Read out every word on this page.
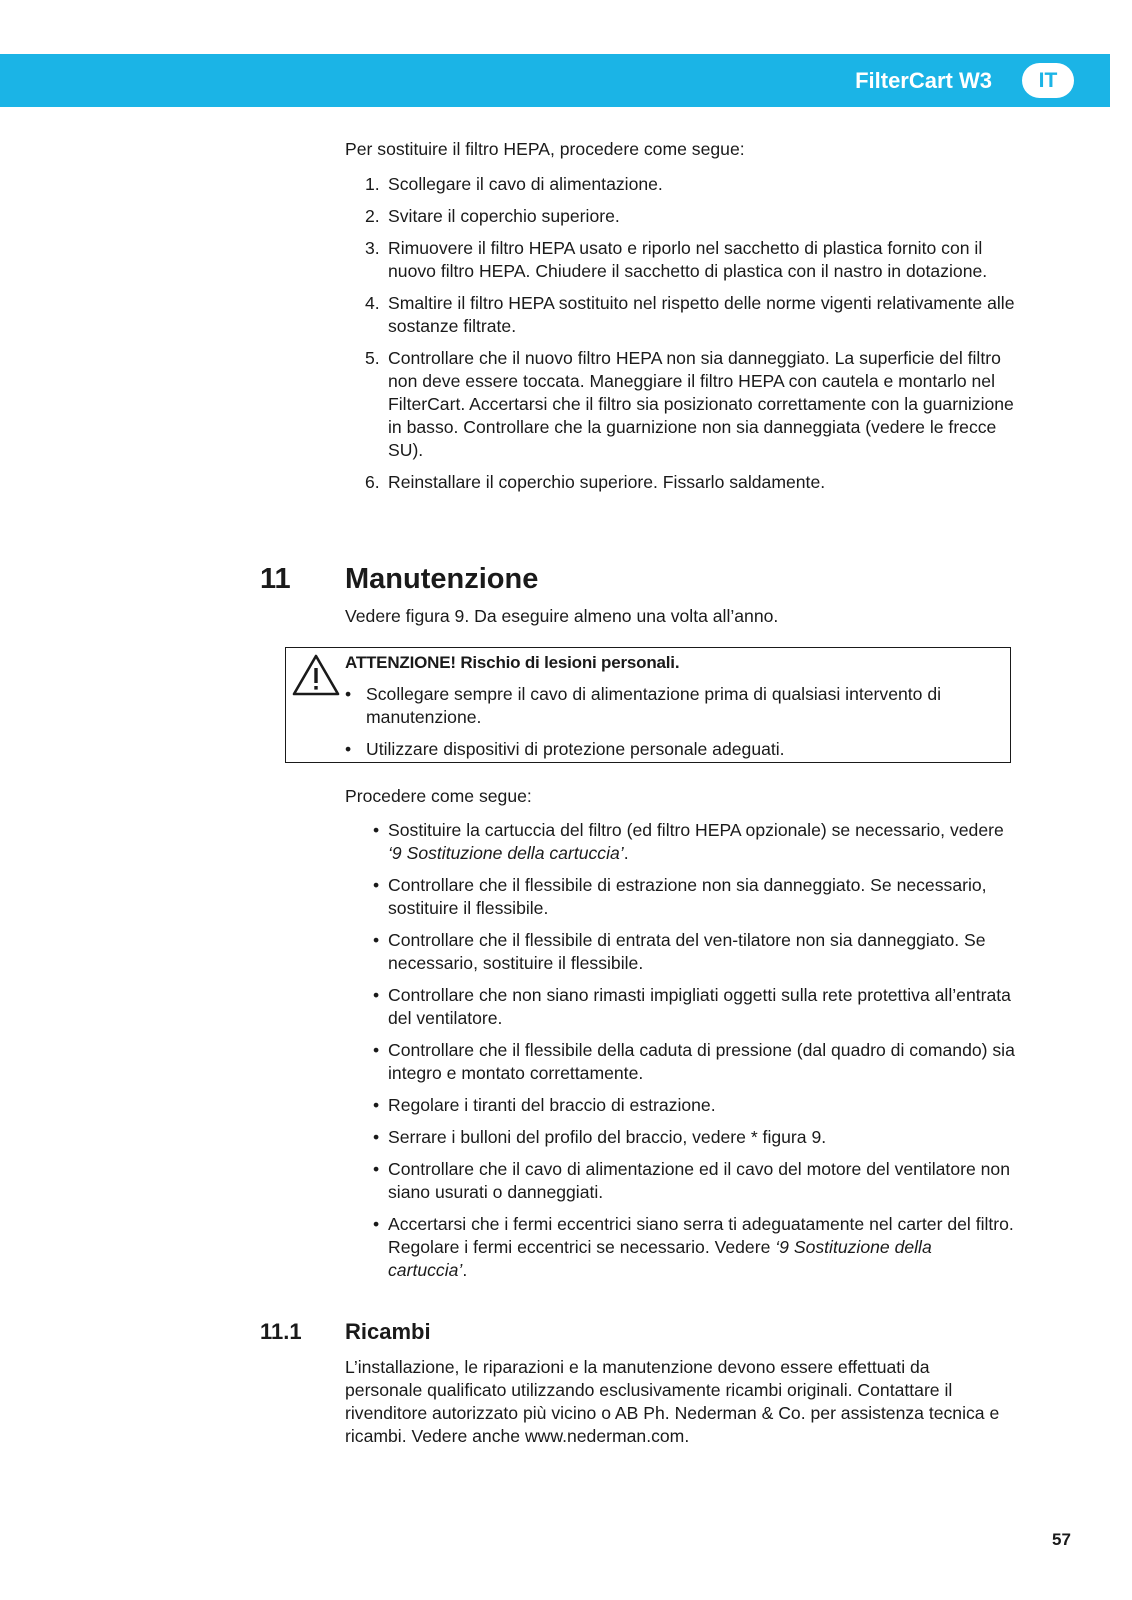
FilterCart W3	IT

Per sostituire il filtro HEPA, procedere come segue:

1. Scollegare il cavo di alimentazione.
2. Svitare il coperchio superiore.
3. Rimuovere il filtro HEPA usato e riporlo nel sacchetto di plastica fornito con il nuovo filtro HEPA. Chiudere il sacchetto di plastica con il nastro in dotazione.
4. Smaltire il filtro HEPA sostituito nel rispetto delle norme vigenti relativamente alle sostanze filtrate.
5. Controllare che il nuovo filtro HEPA non sia danneggiato. La superficie del filtro non deve essere toccata. Maneggiare il filtro HEPA con cautela e montarlo nel FilterCart. Accertarsi che il filtro sia posizionato correttamente con la guarnizione in basso. Controllare che la guarnizione non sia danneggiata (vedere le frecce SU).
6. Reinstallare il coperchio superiore. Fissarlo saldamente.
11 Manutenzione

Vedere figura 9. Da eseguire almeno una volta all’anno.

ATTENZIONE! Rischio di lesioni personali.
• Scollegare sempre il cavo di alimentazione prima di qualsiasi intervento di manutenzione.
• Utilizzare dispositivi di protezione personale adeguati.

Procedere come segue:

• Sostituire la cartuccia del filtro (ed filtro HEPA opzionale) se necessario, vedere ‘9 Sostituzione della cartuccia’.
• Controllare che il flessibile di estrazione non sia danneggiato. Se necessario, sostituire il flessibile.
• Controllare che il flessibile di entrata del ven-tilatore non sia danneggiato. Se necessario, sostituire il flessibile.
• Controllare che non siano rimasti impigliati oggetti sulla rete protettiva all’entrata del ventilatore.
• Controllare che il flessibile della caduta di pressione (dal quadro di comando) sia integro e montato correttamente.
• Regolare i tiranti del braccio di estrazione.
• Serrare i bulloni del profilo del braccio, vedere * figura 9.
• Controllare che il cavo di alimentazione ed il cavo del motore del ventilatore non siano usurati o danneggiati.
• Accertarsi che i fermi eccentrici siano serra ti adeguatamente nel carter del filtro. Regolare i fermi eccentrici se necessario. Vedere ‘9 Sostituzione della cartuccia’.
11.1 Ricambi

L’installazione, le riparazioni e la manutenzione devono essere effettuati da personale qualificato utilizzando esclusivamente ricambi originali. Contattare il rivenditore autorizzato più vicino o AB Ph. Nederman & Co. per assistenza tecnica e ricambi. Vedere anche www.nederman.com.

57
